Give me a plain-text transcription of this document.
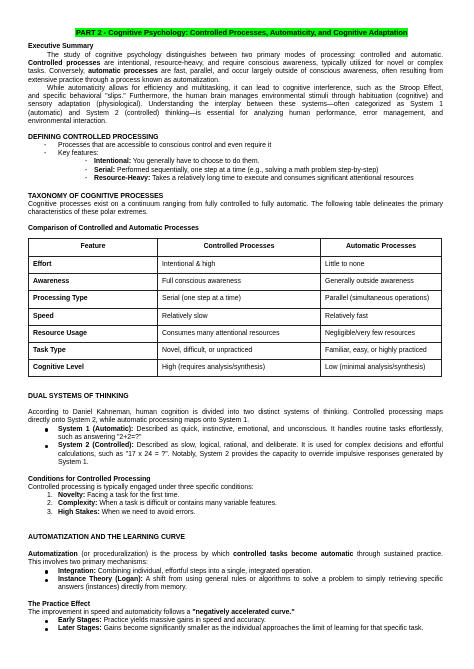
PART 2 - Cognitive Psychology: Controlled Processes, Automaticity, and Cognitive Adaptation
Executive Summary
The study of cognitive psychology distinguishes between two primary modes of processing: controlled and automatic.
Controlled processes are intentional, resource-heavy, and require conscious awareness, typically utilized for novel or complex
tasks. Conversely, automatic processes are fast, parallel, and occur largely outside of conscious awareness, often resulting from
extensive practice through a process known as automatization.
While automaticity allows for efficiency and multitasking, it can lead to cognitive interference, such as the Stroop Effect,
and specific behavioral "slips." Furthermore, the human brain manages environmental stimuli through habituation (cognitive) and
sensory adaptation (physiological). Understanding the interplay between these systems—often categorized as System 1
(automatic) and System 2 (controlled) thinking—is essential for analyzing human performance, error management, and
environmental interaction.
DEFINING CONTROLLED PROCESSING
- Processes that are accessible to conscious control and even require it
- Key features:
- Intentional: You generally have to choose to do them.
- Serial: Performed sequentially, one step at a time (e.g., solving a math problem step-by-step)
- Resource-Heavy: Takes a relatively long time to execute and consumes significant attentional resources
TAXONOMY OF COGNITIVE PROCESSES
Cognitive processes exist on a continuum ranging from fully controlled to fully automatic. The following table delineates the primary
characteristics of these polar extremes.
Comparison of Controlled and Automatic Processes
Feature	Controlled Processes	Automatic Processes
Effort	Intentional & high	Little to none
Awareness	Full conscious awareness	Generally outside awareness
Processing Type	Serial (one step at a time)	Parallel (simultaneous operations)
Speed	Relatively slow	Relatively fast
Resource Usage	Consumes many attentional resources	Negligible/very few resources
Task Type	Novel, difficult, or unpracticed	Familiar, easy, or highly practiced
Cognitive Level	High (requires analysis/synthesis)	Low (minimal analysis/synthesis)
DUAL SYSTEMS OF THINKING
According to Daniel Kahneman, human cognition is divided into two distinct systems of thinking. Controlled processing maps
directly onto System 2, while automatic processing maps onto System 1.
System 1 (Automatic): Described as quick, instinctive, emotional, and unconscious. It handles routine tasks effortlessly,
such as answering "2+2=?"
System 2 (Controlled): Described as slow, logical, rational, and deliberate. It is used for complex decisions and effortful
calculations, such as "17 x 24 = ?". Notably, System 2 provides the capacity to override impulsive responses generated by
System 1.
Conditions for Controlled Processing
Controlled processing is typically engaged under three specific conditions:
1. Novelty: Facing a task for the first time.
2. Complexity: When a task is difficult or contains many variable features.
3. High Stakes: When we need to avoid errors.
AUTOMATIZATION AND THE LEARNING CURVE
Automatization (or proceduralization) is the process by which controlled tasks become automatic through sustained practice.
This involves two primary mechanisms:
Integration: Combining individual, effortful steps into a single, integrated operation.
Instance Theory (Logan): A shift from using general rules or algorithms to solve a problem to simply retrieving specific
answers (instances) directly from memory.
The Practice Effect
The improvement in speed and automaticity follows a "negatively accelerated curve."
Early Stages: Practice yields massive gains in speed and accuracy.
Later Stages: Gains become significantly smaller as the individual approaches the limit of learning for that specific task.
